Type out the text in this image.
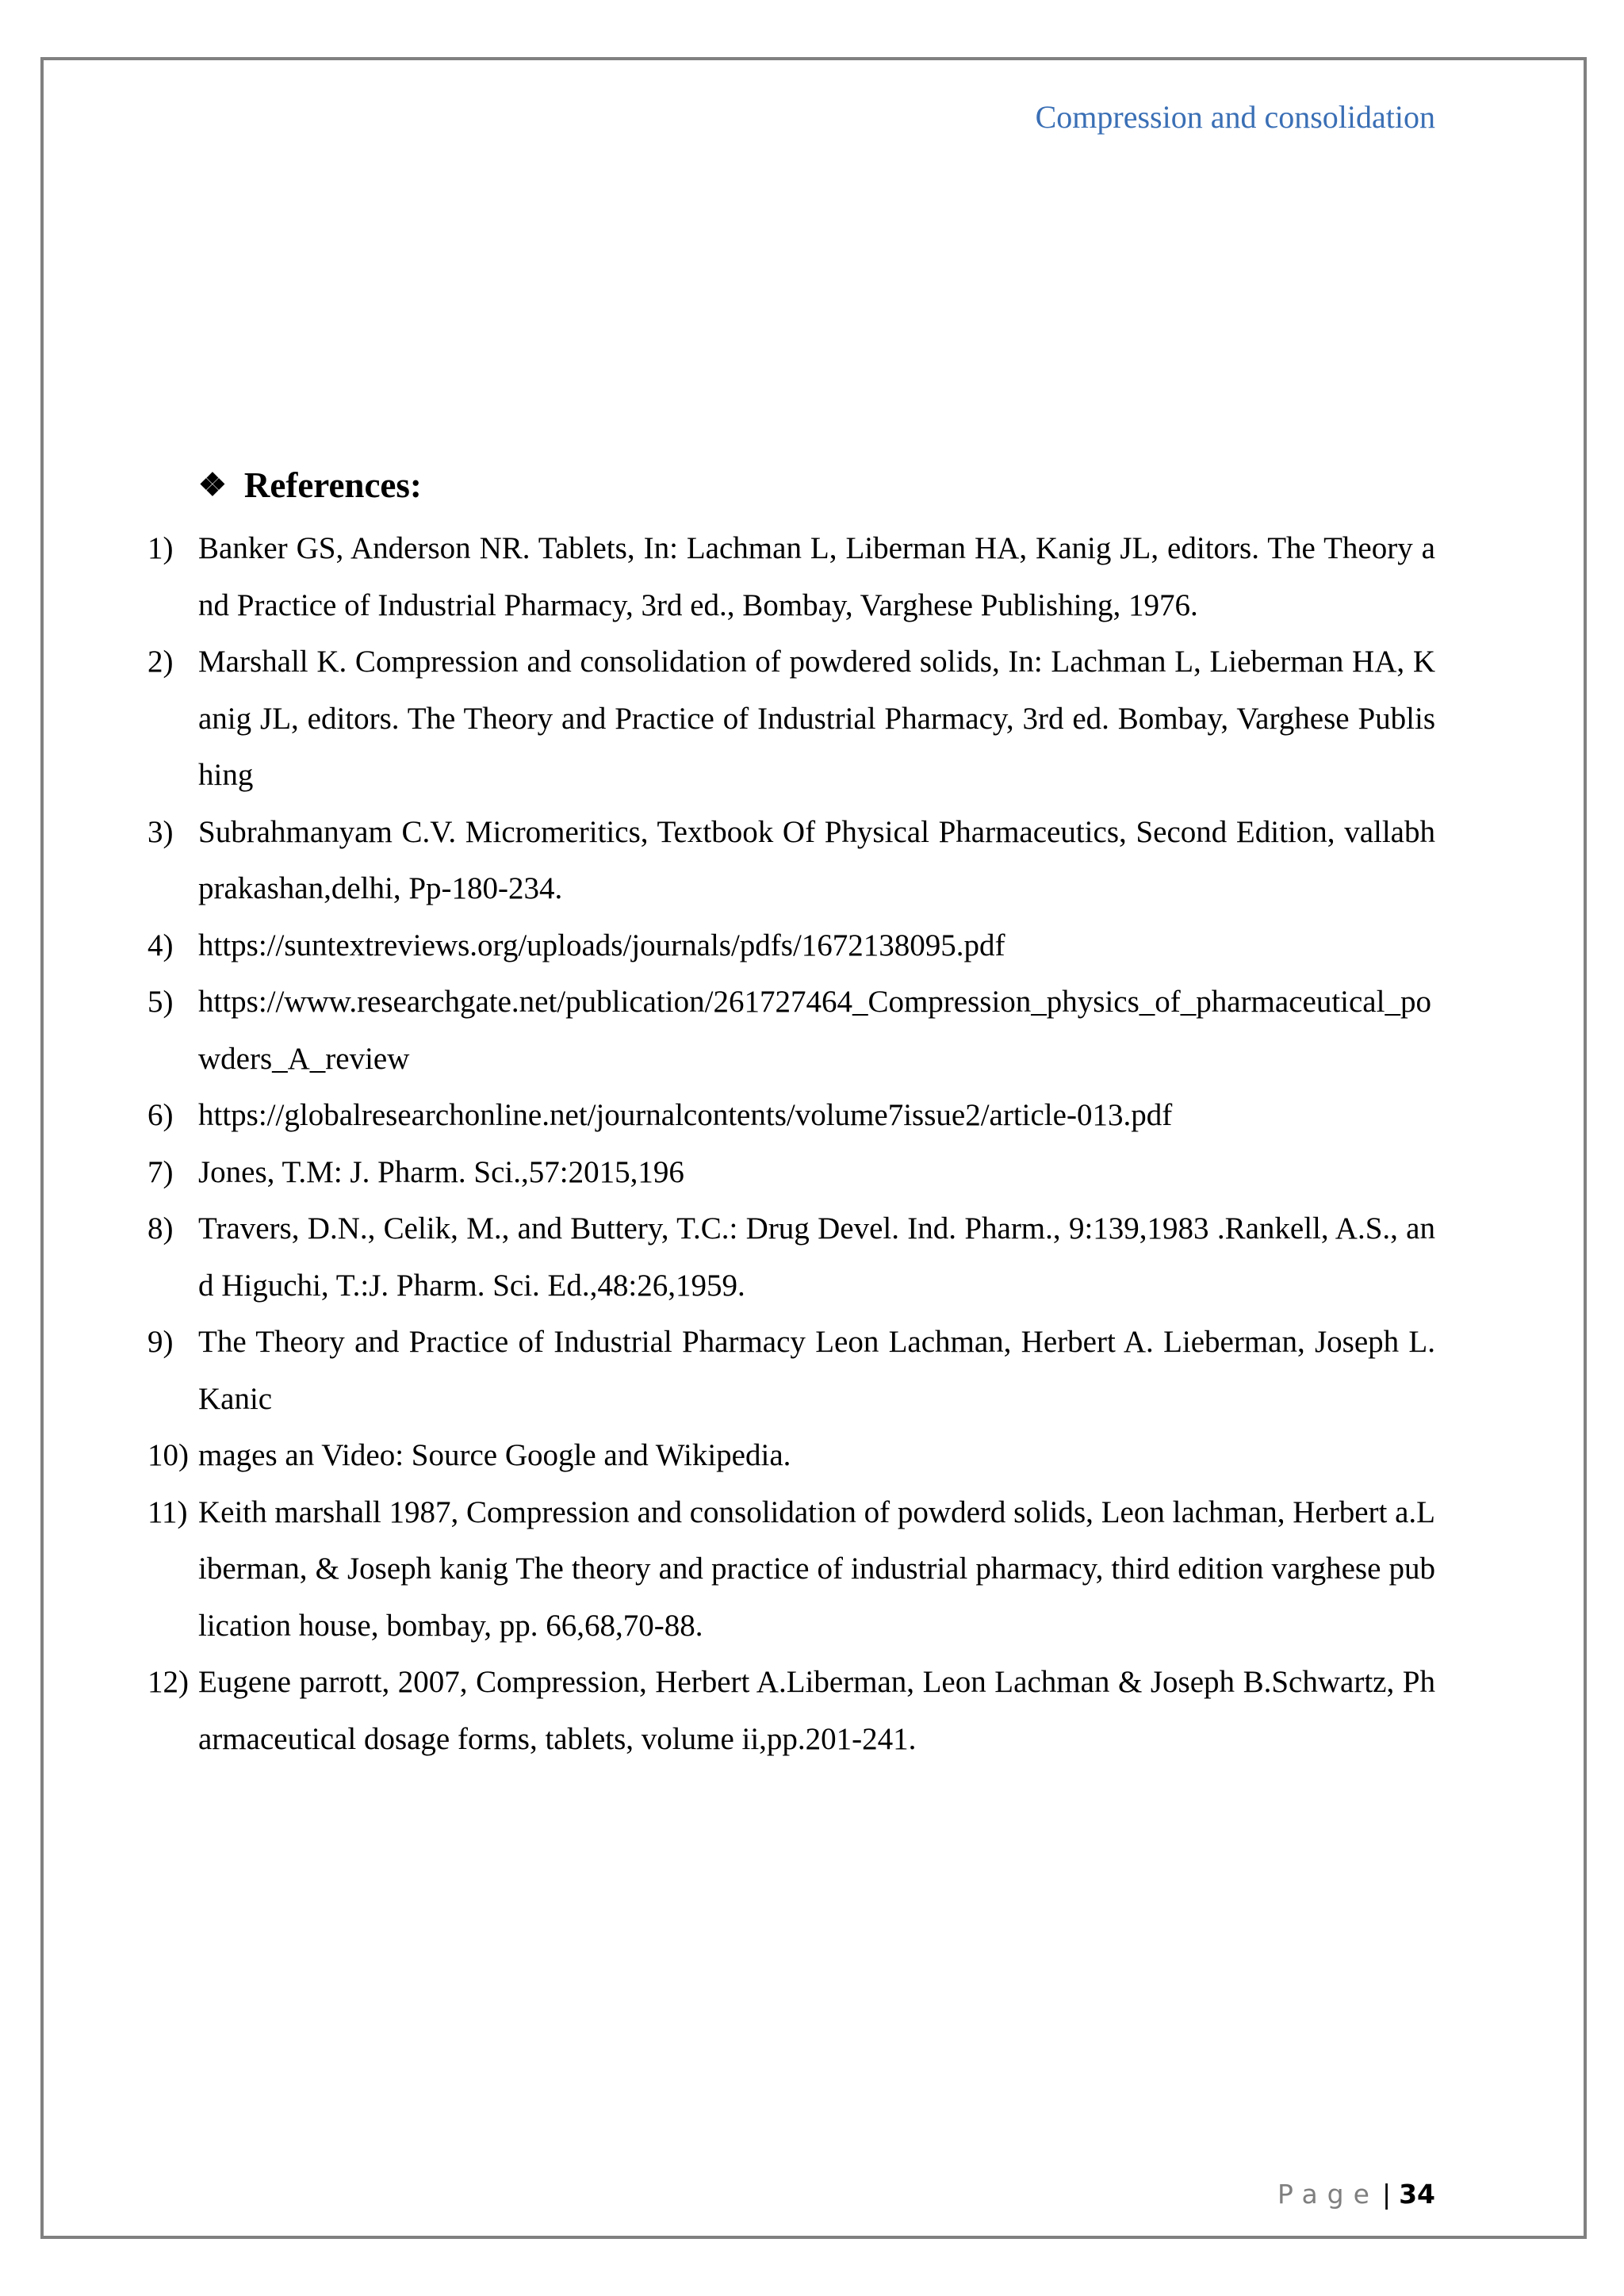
Compression and consolidation
❖ References:
1) Banker GS, Anderson NR. Tablets, In: Lachman L, Liberman HA, Kanig JL, editors. The Theory and Practice of Industrial Pharmacy, 3rd ed., Bombay, Varghese Publishing, 1976.
2) Marshall K. Compression and consolidation of powdered solids, In: Lachman L, Lieberman HA, Kanig JL, editors. The Theory and Practice of Industrial Pharmacy, 3rd ed. Bombay, Varghese Publishing
3) Subrahmanyam C.V. Micromeritics, Textbook Of Physical Pharmaceutics, Second Edition, vallabh prakashan,delhi, Pp-180-234.
4) https://suntextreviews.org/uploads/journals/pdfs/1672138095.pdf
5) https://www.researchgate.net/publication/261727464_Compression_physics_of_pharmaceutical_powders_A_review
6) https://globalresearchonline.net/journalcontents/volume7issue2/article-013.pdf
7) Jones, T.M: J. Pharm. Sci.,57:2015,196
8) Travers, D.N., Celik, M., and Buttery, T.C.: Drug Devel. Ind. Pharm., 9:139,1983 .Rankell, A.S., and Higuchi, T.:J. Pharm. Sci. Ed.,48:26,1959.
9) The Theory and Practice of Industrial Pharmacy Leon Lachman, Herbert A. Lieberman, Joseph L. Kanic
10) mages an Video: Source Google and Wikipedia.
11) Keith marshall 1987, Compression and consolidation of powderd solids, Leon lachman, Herbert a.Liberman, & Joseph kanig The theory and practice of industrial pharmacy, third edition varghese publication house, bombay, pp. 66,68,70-88.
12) Eugene parrott, 2007, Compression, Herbert A.Liberman, Leon Lachman & Joseph B.Schwartz, Pharmaceutical dosage forms, tablets, volume ii,pp.201-241.
Page | 34
